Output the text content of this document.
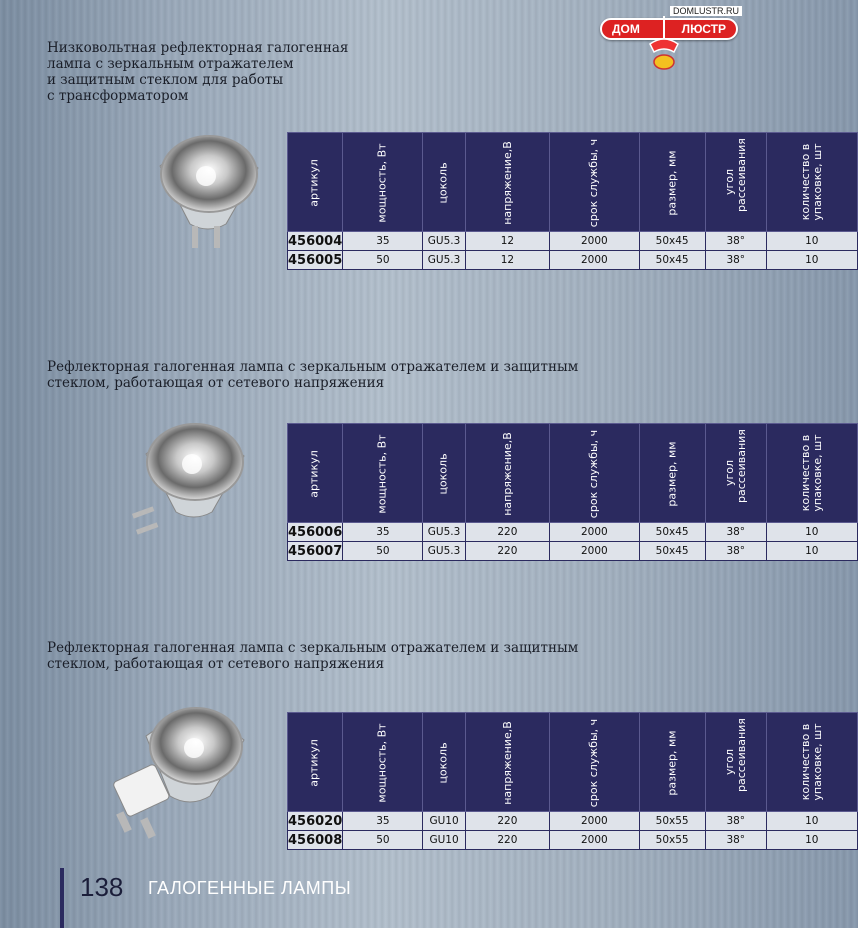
DOMLUSTR.RU
ДОМ	ЛЮСТР
Низковольтная рефлекторная галогенная
лампа с зеркальным отражателем
и защитным стеклом для работы
с трансформатором
артикул	мощность, Вт	цоколь	напряжение,В	срок службы, ч	размер, мм	угол рассеивания	количество в упаковке, шт
456004	35	GU5.3	12	2000	50x45	38°	10
456005	50	GU5.3	12	2000	50x45	38°	10
Рефлекторная галогенная лампа с зеркальным отражателем и защитным
стеклом, работающая от сетевого напряжения
артикул	мощность, Вт	цоколь	напряжение,В	срок службы, ч	размер, мм	угол рассеивания	количество в упаковке, шт
456006	35	GU5.3	220	2000	50x45	38°	10
456007	50	GU5.3	220	2000	50x45	38°	10
Рефлекторная галогенная лампа с зеркальным отражателем и защитным
стеклом, работающая от сетевого напряжения
артикул	мощность, Вт	цоколь	напряжение,В	срок службы, ч	размер, мм	угол рассеивания	количество в упаковке, шт
456020	35	GU10	220	2000	50x55	38°	10
456008	50	GU10	220	2000	50x55	38°	10
138 ГАЛОГЕННЫЕ ЛАМПЫ
